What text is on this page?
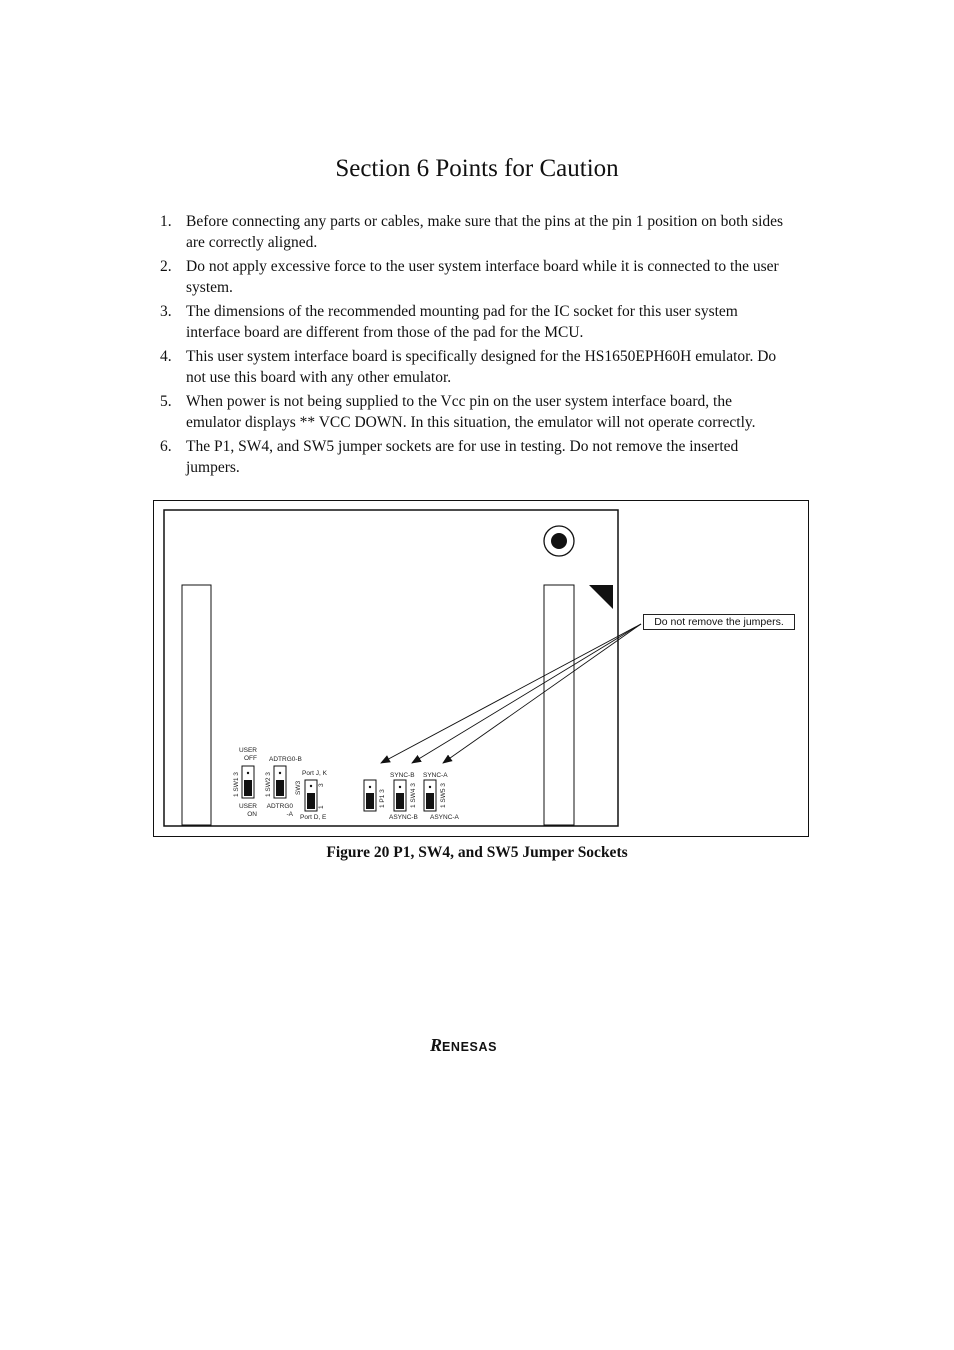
Section 6 Points for Caution
1. Before connecting any parts or cables, make sure that the pins at the pin 1 position on both sides are correctly aligned.
2. Do not apply excessive force to the user system interface board while it is connected to the user system.
3. The dimensions of the recommended mounting pad for the IC socket for this user system interface board are different from those of the pad for the MCU.
4. This user system interface board is specifically designed for the HS1650EPH60H emulator. Do not use this board with any other emulator.
5. When power is not being supplied to the Vcc pin on the user system interface board, the emulator displays ** VCC DOWN. In this situation, the emulator will not operate correctly.
6. The P1, SW4, and SW5 jumper sockets are for use in testing. Do not remove the inserted jumpers.
1 SW1 3
USER
OFF
USER
ON
1 SW2 3
ADTRG0-B
ADTRG0
-A
SW3 3
1
Port J, K
Port D, E
1 P1 3	1 SW4 3
SYNC-B
ASYNC-B
1 SW5 3
SYNC-A
ASYNC-A
Do not remove the jumpers.
Figure 20 P1, SW4, and SW5 Jumper Sockets
R ENESAS
